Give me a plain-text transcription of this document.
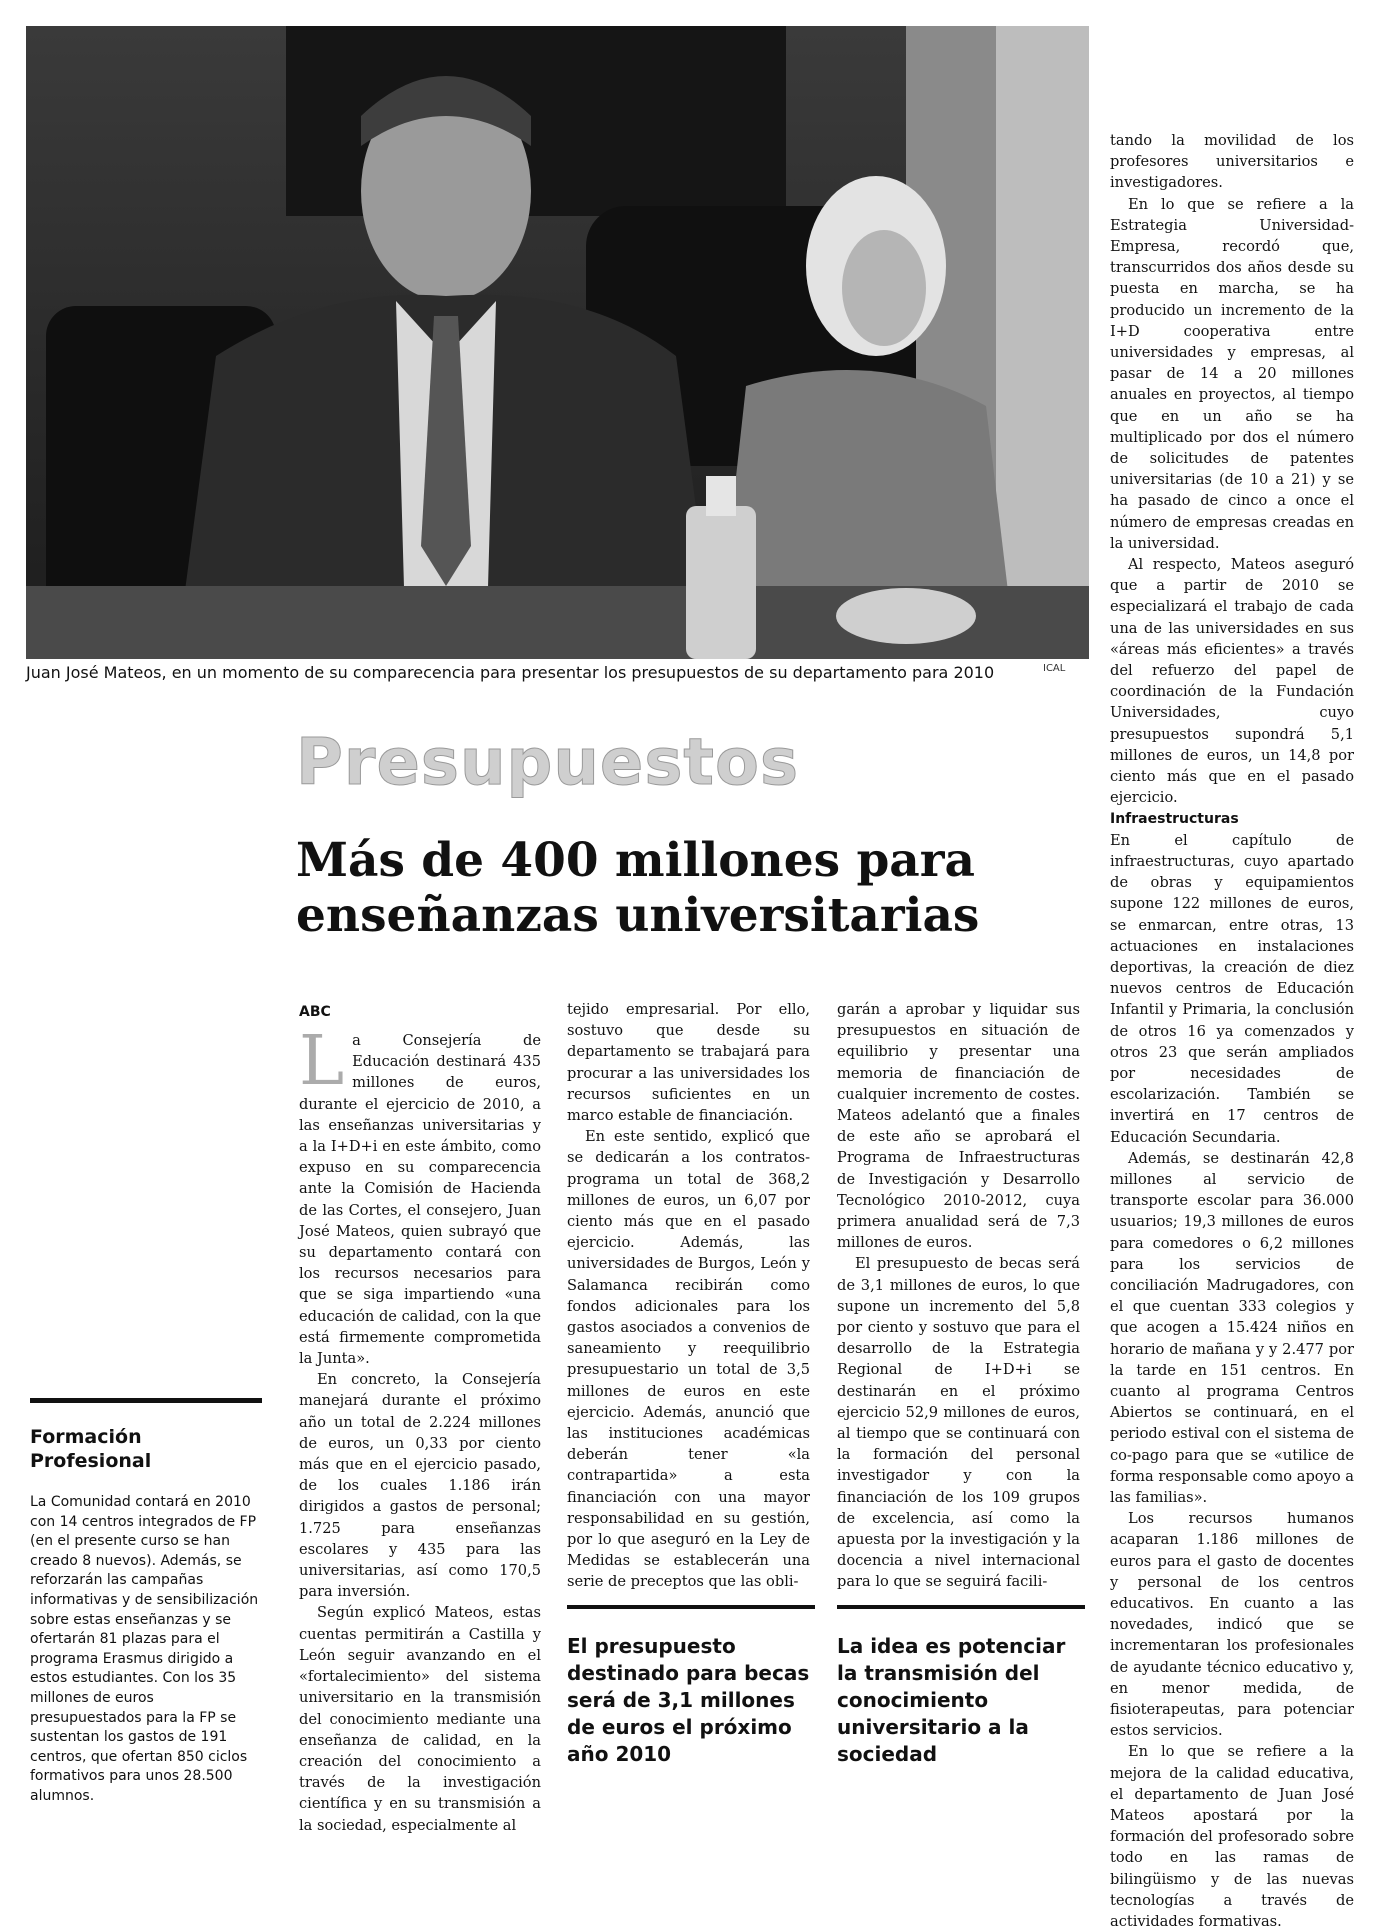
Juan José Mateos, en un momento de su comparecencia para presentar los presupuestos de su departamento para 2010	ICAL
Presupuestos
Más de 400 millones para enseñanzas universitarias
ABC

La Consejería de Educación destinará 435 millones de euros, durante el ejercicio de 2010, a las enseñanzas universitarias y a la I+D+i en este ámbito, como expuso en su comparecencia ante la Comisión de Hacienda de las Cortes, el consejero, Juan José Mateos, quien subrayó que su departamento contará con los recursos necesarios para que se siga impartiendo «una educación de calidad, con la que está firmemente comprometida la Junta».

En concreto, la Consejería manejará durante el próximo año un total de 2.224 millones de euros, un 0,33 por ciento más que en el ejercicio pasado, de los cuales 1.186 irán dirigidos a gastos de personal; 1.725 para enseñanzas escolares y 435 para las universitarias, así como 170,5 para inversión.

Según explicó Mateos, estas cuentas permitirán a Castilla y León seguir avanzando en el «fortalecimiento» del sistema universitario en la transmisión del conocimiento mediante una enseñanza de calidad, en la creación del conocimiento a través de la investigación científica y en su transmisión a la sociedad, especialmente al

tejido empresarial. Por ello, sostuvo que desde su departamento se trabajará para procurar a las universidades los recursos suficientes en un marco estable de financiación.

En este sentido, explicó que se dedicarán a los contratos-programa un total de 368,2 millones de euros, un 6,07 por ciento más que en el pasado ejercicio. Además, las universidades de Burgos, León y Salamanca recibirán como fondos adicionales para los gastos asociados a convenios de saneamiento y reequilibrio presupuestario un total de 3,5 millones de euros en este ejercicio. Además, anunció que las instituciones académicas deberán tener «la contrapartida» a esta financiación con una mayor responsabilidad en su gestión, por lo que aseguró en la Ley de Medidas se establecerán una serie de preceptos que las obli-

garán a aprobar y liquidar sus presupuestos en situación de equilibrio y presentar una memoria de financiación de cualquier incremento de costes. Mateos adelantó que a finales de este año se aprobará el Programa de Infraestructuras de Investigación y Desarrollo Tecnológico 2010-2012, cuya primera anualidad será de 7,3 millones de euros.

El presupuesto de becas será de 3,1 millones de euros, lo que supone un incremento del 5,8 por ciento y sostuvo que para el desarrollo de la Estrategia Regional de I+D+i se destinarán en el próximo ejercicio 52,9 millones de euros, al tiempo que se continuará con la formación del personal investigador y con la financiación de los 109 grupos de excelencia, así como la apuesta por la investigación y la docencia a nivel internacional para lo que se seguirá facili-

tando la movilidad de los profesores universitarios e investigadores.

En lo que se refiere a la Estrategia Universidad-Empresa, recordó que, transcurridos dos años desde su puesta en marcha, se ha producido un incremento de la I+D cooperativa entre universidades y empresas, al pasar de 14 a 20 millones anuales en proyectos, al tiempo que en un año se ha multiplicado por dos el número de solicitudes de patentes universitarias (de 10 a 21) y se ha pasado de cinco a once el número de empresas creadas en la universidad.

Al respecto, Mateos aseguró que a partir de 2010 se especializará el trabajo de cada una de las universidades en sus «áreas más eficientes» a través del refuerzo del papel de coordinación de la Fundación Universidades, cuyo presupuestos supondrá 5,1 millones de euros, un 14,8 por ciento más que en el pasado ejercicio.

Infraestructuras

En el capítulo de infraestructuras, cuyo apartado de obras y equipamientos supone 122 millones de euros, se enmarcan, entre otras, 13 actuaciones en instalaciones deportivas, la creación de diez nuevos centros de Educación Infantil y Primaria, la conclusión de otros 16 ya comenzados y otros 23 que serán ampliados por necesidades de escolarización. También se invertirá en 17 centros de Educación Secundaria.

Además, se destinarán 42,8 millones al servicio de transporte escolar para 36.000 usuarios; 19,3 millones de euros para comedores o 6,2 millones para los servicios de conciliación Madrugadores, con el que cuentan 333 colegios y que acogen a 15.424 niños en horario de mañana y y 2.477 por la tarde en 151 centros. En cuanto al programa Centros Abiertos se continuará, en el periodo estival con el sistema de co-pago para que se «utilice de forma responsable como apoyo a las familias».

Los recursos humanos acaparan 1.186 millones de euros para el gasto de docentes y personal de los centros educativos. En cuanto a las novedades, indicó que se incrementaran los profesionales de ayudante técnico educativo y, en menor medida, de fisioterapeutas, para potenciar estos servicios.

En lo que se refiere a la mejora de la calidad educativa, el departamento de Juan José Mateos apostará por la formación del profesorado sobre todo en las ramas de bilingüismo y de las nuevas tecnologías a través de actividades formativas.

Formación Profesional
La Comunidad contará en 2010 con 14 centros integrados de FP (en el presente curso se han creado 8 nuevos). Además, se reforzarán las campañas informativas y de sensibilización sobre estas enseñanzas y se ofertarán 81 plazas para el programa Erasmus dirigido a estos estudiantes. Con los 35 millones de euros presupuestados para la FP se sustentan los gastos de 191 centros, que ofertan 850 ciclos formativos para unos 28.500 alumnos.
El presupuesto destinado para becas será de 3,1 millones de euros el próximo año 2010
La idea es potenciar la transmisión del conocimiento universitario a la sociedad
